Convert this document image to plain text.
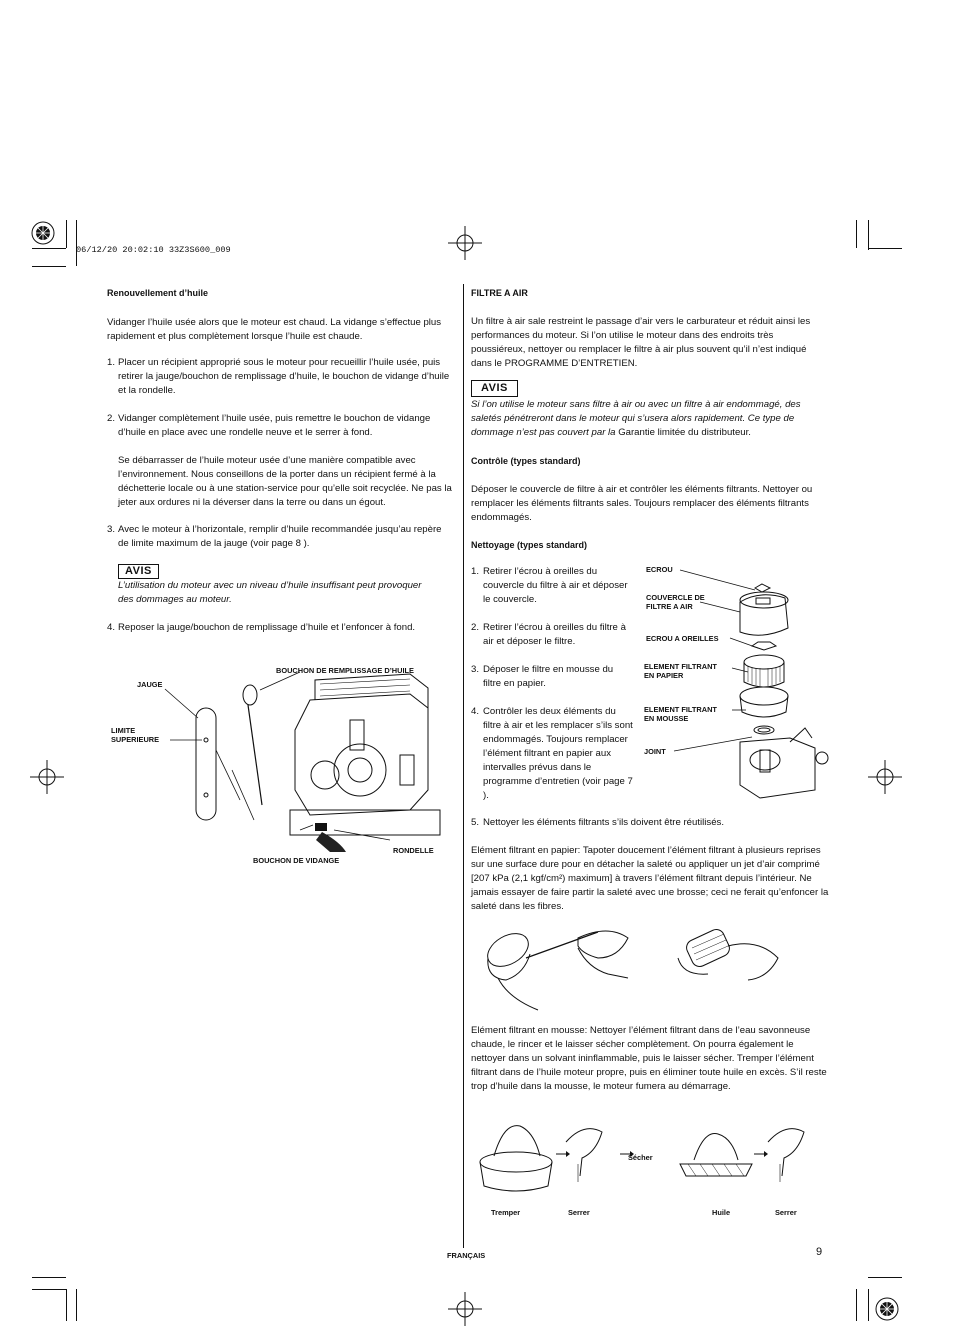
06/12/20 20:02:10 33Z3S600_009

Renouvellement d’huile

Vidanger l’huile usée alors que le moteur est chaud. La vidange s’effectue plus rapidement et plus complètement lorsque l’huile est chaude.

1. Placer un récipient approprié sous le moteur pour recueillir l’huile usée, puis retirer la jauge/bouchon de remplissage d’huile, le bouchon de vidange d’huile et la rondelle.

2. Vidanger complètement l’huile usée, puis remettre le bouchon de vidange d’huile en place avec une rondelle neuve et le serrer à fond.

Se débarrasser de l’huile moteur usée d’une manière compatible avec l’environnement. Nous conseillons de la porter dans un récipient fermé à la déchetterie locale ou à une station-service pour qu’elle soit recyclée. Ne pas la jeter aux ordures ni la déverser dans la terre ou dans un égout.

3. Avec le moteur à l’horizontale, remplir d’huile recommandée jusqu’au repère de limite maximum de la jauge (voir page 8 ).

AVIS
L’utilisation du moteur avec un niveau d’huile insuffisant peut provoquer des dommages au moteur.
4. Reposer la jauge/bouchon de remplissage d’huile et l’enfoncer à fond.

JAUGE
LIMITE
SUPERIEURE
BOUCHON DE REMPLISSAGE D’HUILE
RONDELLE
BOUCHON DE VIDANGE

FILTRE A AIR

Un filtre à air sale restreint le passage d’air vers le carburateur et réduit ainsi les performances du moteur. Si l’on utilise le moteur dans des endroits très poussiéreux, nettoyer ou remplacer le filtre à air plus souvent qu’il n’est indiqué dans le PROGRAMME D’ENTRETIEN.

AVIS
Si l’on utilise le moteur sans filtre à air ou avec un filtre à air endommagé, des saletés pénétreront dans le moteur qui s’usera alors rapidement. Ce type de dommage n’est pas couvert par la Garantie limitée du distributeur.

Contrôle (types standard)

Déposer le couvercle de filtre à air et contrôler les éléments filtrants. Nettoyer ou remplacer les éléments filtrants sales. Toujours remplacer des éléments filtrants endommagés.

Nettoyage (types standard)

1. Retirer l’écrou à oreilles du couvercle du filtre à air et déposer le couvercle.

2. Retirer l’écrou à oreilles du filtre à air et déposer le filtre.

3. Déposer le filtre en mousse du filtre en papier.

4. Contrôler les deux éléments du filtre à air et les remplacer s’ils sont endommagés. Toujours remplacer l’élément filtrant en papier aux intervalles prévus dans le programme d’entretien (voir page 7 ).

5. Nettoyer les éléments filtrants s’ils doivent être réutilisés.

ECROU
COUVERCLE DE
FILTRE A AIR
ECROU A OREILLES
ELEMENT FILTRANT
EN PAPIER
ELEMENT FILTRANT
EN MOUSSE
JOINT
Elément filtrant en papier: Tapoter doucement l’élément filtrant à plusieurs reprises sur une surface dure pour en détacher la saleté ou appliquer un jet d’air comprimé [207 kPa (2,1 kgf/cm²) maximum] à travers l’élément filtrant depuis l’intérieur. Ne jamais essayer de faire partir la saleté avec une brosse; ceci ne ferait qu’enfoncer la saleté dans les fibres.
Elément filtrant en mousse: Nettoyer l’élément filtrant dans de l’eau savonneuse chaude, le rincer et le laisser sécher complètement. On pourra également le nettoyer dans un solvant ininflammable, puis le laisser sécher. Tremper l’élément filtrant dans de l’huile moteur propre, puis en éliminer toute huile en excès. S’il reste trop d’huile dans la mousse, le moteur fumera au démarrage.
Sécher
Tremper	Serrer	Huile	Serrer
FRANÇAIS	9
